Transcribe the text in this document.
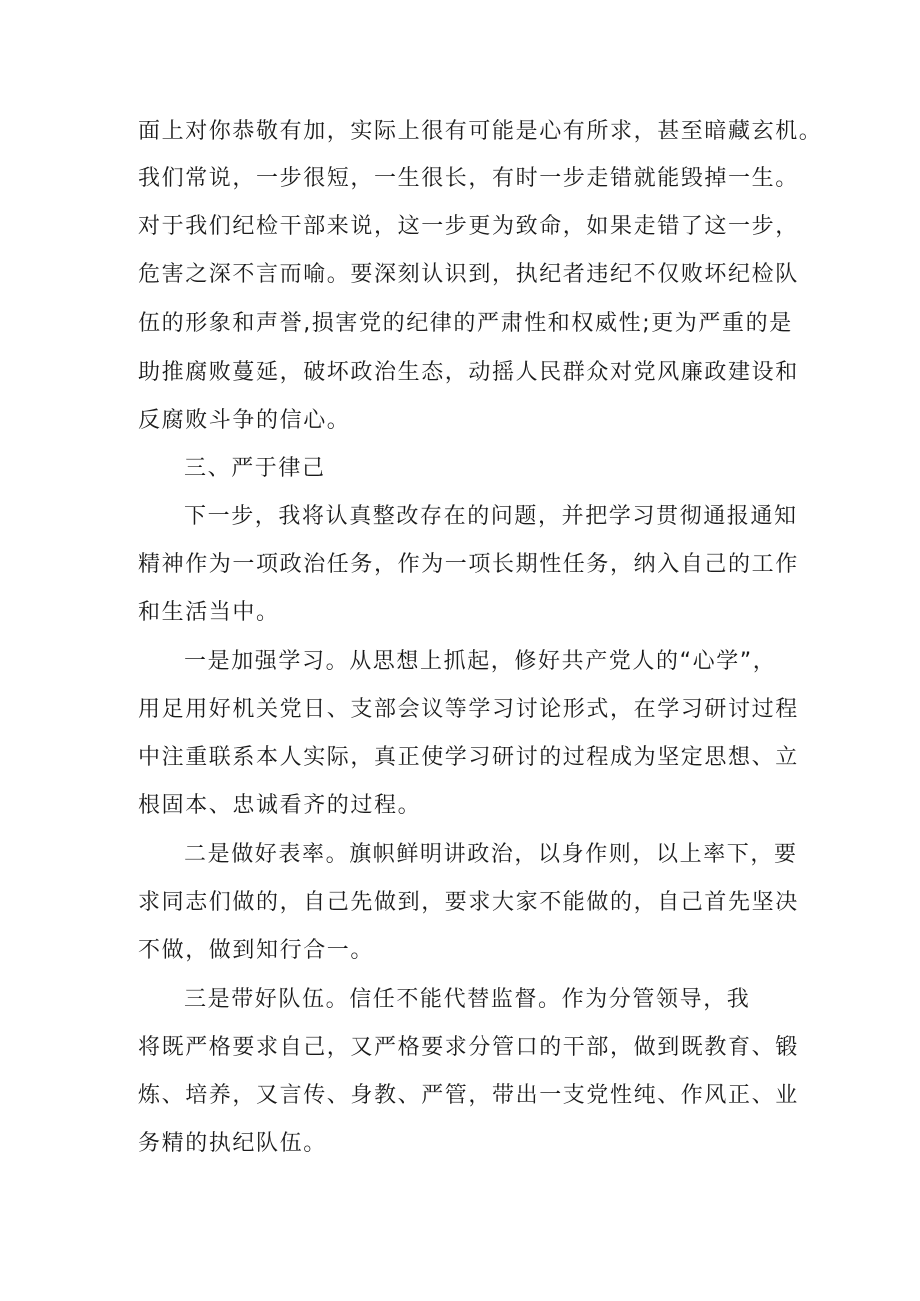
面上对你恭敬有加，实际上很有可能是心有所求，甚至暗藏玄机。
我们常说，一步很短，一生很长，有时一步走错就能毁掉一生。
对于我们纪检干部来说，这一步更为致命，如果走错了这一步，
危害之深不言而喻。要深刻认识到，执纪者违纪不仅败坏纪检队
伍的形象和声誉,损害党的纪律的严肃性和权威性;更为严重的是
助推腐败蔓延，破坏政治生态，动摇人民群众对党风廉政建设和
反腐败斗争的信心。
三、严于律己
下一步，我将认真整改存在的问题，并把学习贯彻通报通知
精神作为一项政治任务，作为一项长期性任务，纳入自己的工作
和生活当中。
一是加强学习。从思想上抓起，修好共产党人的“心学”，
用足用好机关党日、支部会议等学习讨论形式，在学习研讨过程
中注重联系本人实际，真正使学习研讨的过程成为坚定思想、立
根固本、忠诚看齐的过程。
二是做好表率。旗帜鲜明讲政治，以身作则，以上率下，要
求同志们做的，自己先做到，要求大家不能做的，自己首先坚决
不做，做到知行合一。
三是带好队伍。信任不能代替监督。作为分管领导，我
将既严格要求自己，又严格要求分管口的干部，做到既教育、锻
炼、培养，又言传、身教、严管，带出一支党性纯、作风正、业
务精的执纪队伍。
